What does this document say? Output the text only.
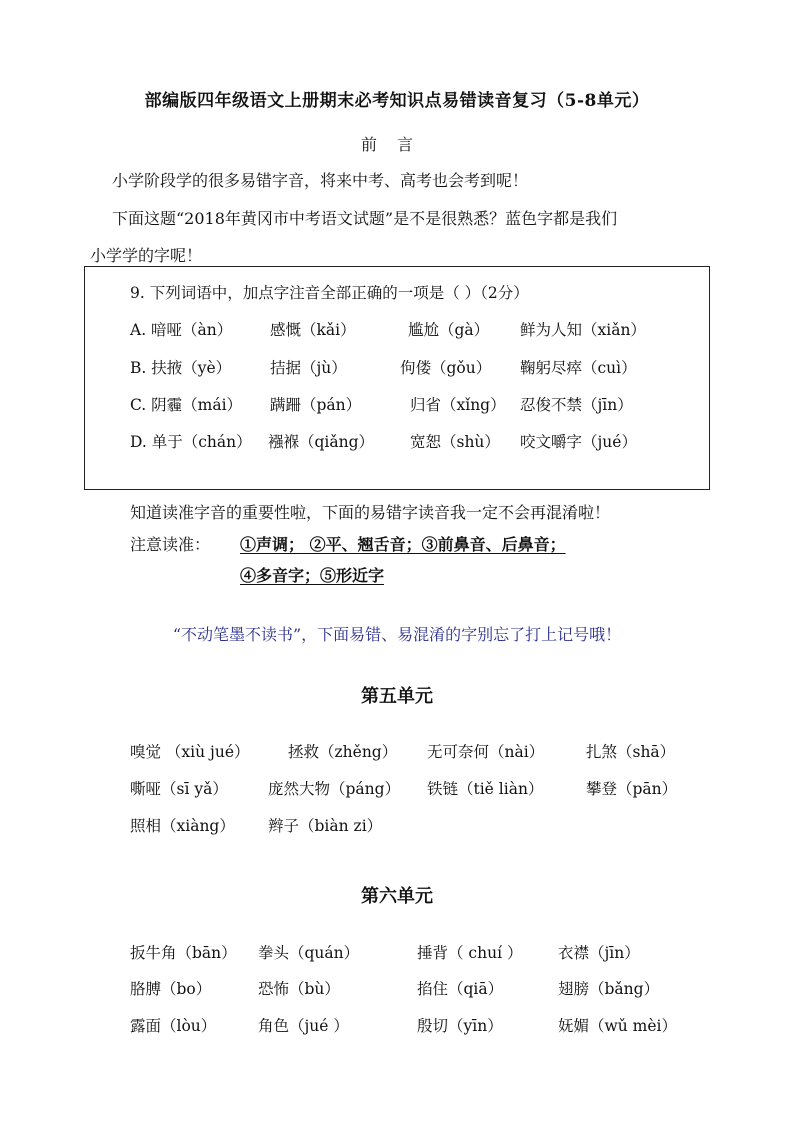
部编版四年级语文上册期末必考知识点易错读音复习（5-8单元）
前言
小学阶段学的很多易错字音，将来中考、高考也会考到呢！
下面这题“2018年黄冈市中考语文试题”是不是很熟悉？蓝色字都是我们
小学学的字呢！
9. 下列词语中，加点字注音全部正确的一项是（ ）（2分）
A. 喑哑（àn） 感慨（kǎi）	尴尬（gà） 鲜为人知（xiǎn）
B. 扶掖（yè）	拮据（jù）	佝偻（gǒu） 鞠躬尽瘁（cuì）
C. 阴霾（mái） 蹒跚（pán）	归省（xǐng） 忍俊不禁（jīn）
D. 单于（chán） 襁褓（qiǎng） 宽恕（shù） 咬文嚼字（jué）
知道读准字音的重要性啦，下面的易错字读音我一定不会再混淆啦！
注意读准： ①声调； ②平、翘舌音；③前鼻音、后鼻音；
④多音字；⑤形近字
“不动笔墨不读书”，下面易错、易混淆的字别忘了打上记号哦！
第五单元
嗅觉 （xiù jué） 拯救（zhěng） 无可奈何（nài）	扎煞（shā）
嘶哑（sī yǎ）	庞然大物（páng） 铁链（tiě liàn）	攀登（pān）
照相（xiàng） 辫子（biàn zi）
第六单元
扳牛角（bān） 拳头（quán）	捶背（ chuí ） 衣襟（jīn）
胳膊（bo）	恐怖（bù）	掐住（qiā）	翅膀（bǎng）
露面（lòu）	角色（jué ）	殷切（yīn）	妩媚（wǔ mèi）
